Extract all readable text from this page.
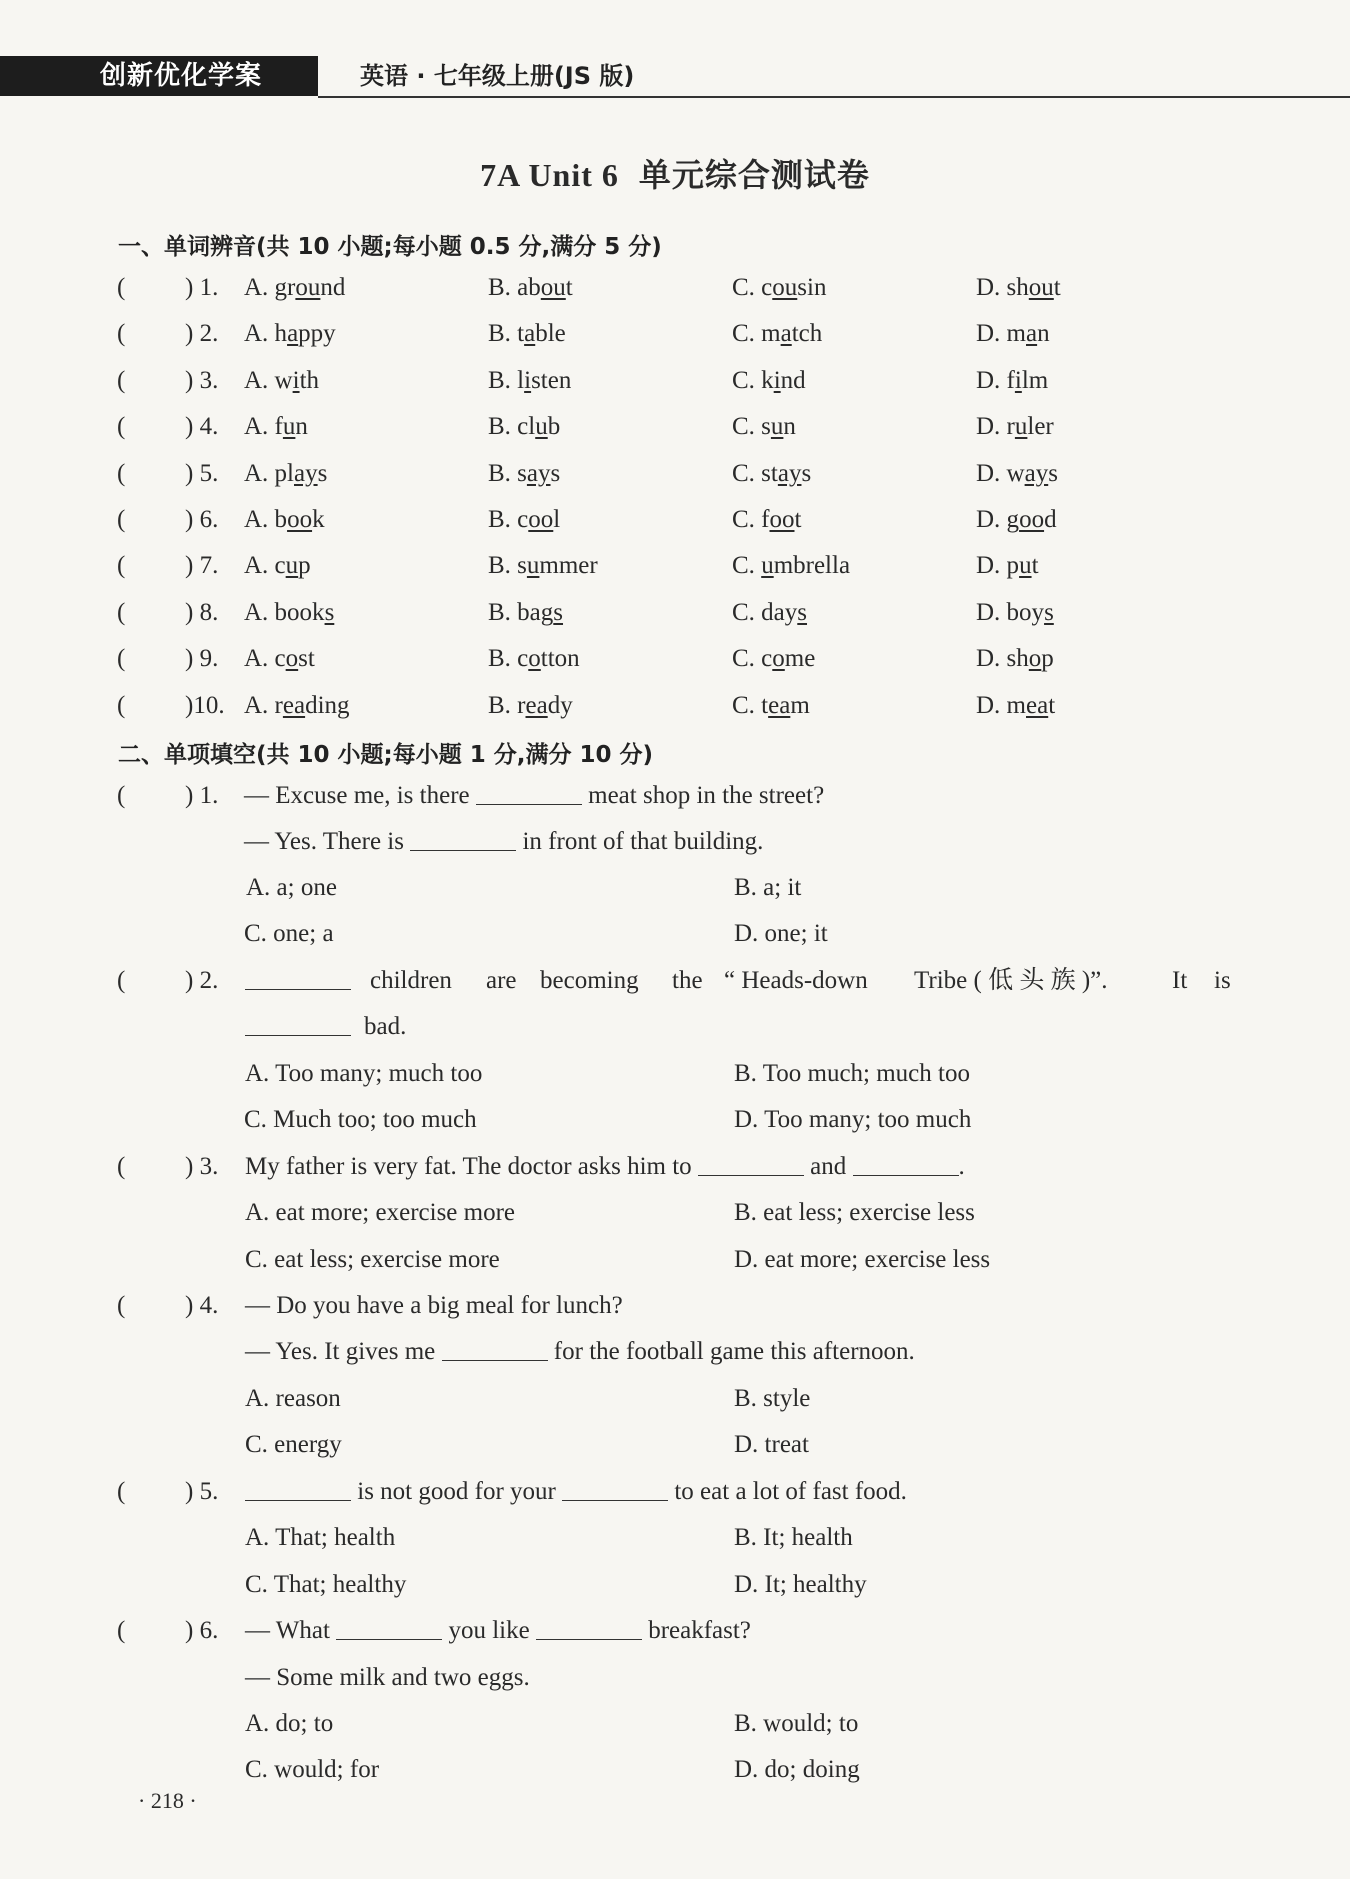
创新优化学案	英语 · 七年级上册(JS 版)
7A Unit 6 单元综合测试卷
一、单词辨音(共 10 小题;每小题 0.5 分,满分 5 分)
( ) 1. A. ground	B. about	C. cousin	D. shout
( ) 2. A. happy	B. table	C. match	D. man
( ) 3. A. with	B. listen	C. kind	D. film
( ) 4. A. fun	B. club	C. sun	D. ruler
( ) 5. A. plays	B. says	C. stays	D. ways
( ) 6. A. book	B. cool	C. foot	D. good
( ) 7. A. cup	B. summer	C. umbrella	D. put
( ) 8. A. books	B. bags	C. days	D. boys
( ) 9. A. cost	B. cotton	C. come	D. shop
( )10. A. reading	B. ready	C. team	D. meat
二、单项填空(共 10 小题;每小题 1 分,满分 10 分)
( ) 1. — Excuse me, is there	meat shop in the street?
— Yes. There is	in front of that building.
A. a; one	B. a; it
C. one; a	D. one; it
( ) 2.	children are becoming the “ Heads-down Tribe ( 低 头 族 )”.	It is
bad.
A. Too many; much too	B. Too much; much too
C. Much too; too much	D. Too many; too much
( ) 3. My father is very fat. The doctor asks him to	and	.
A. eat more; exercise more	B. eat less; exercise less
C. eat less; exercise more	D. eat more; exercise less
( ) 4. — Do you have a big meal for lunch?
— Yes. It gives me	for the football game this afternoon.
A. reason	B. style
C. energy	D. treat
( ) 5.	is not good for your	to eat a lot of fast food.
A. That; health	B. It; health
C. That; healthy	D. It; healthy
( ) 6. — What	you like	breakfast?
— Some milk and two eggs.
A. do; to	B. would; to
C. would; for	D. do; doing
· 218 ·
